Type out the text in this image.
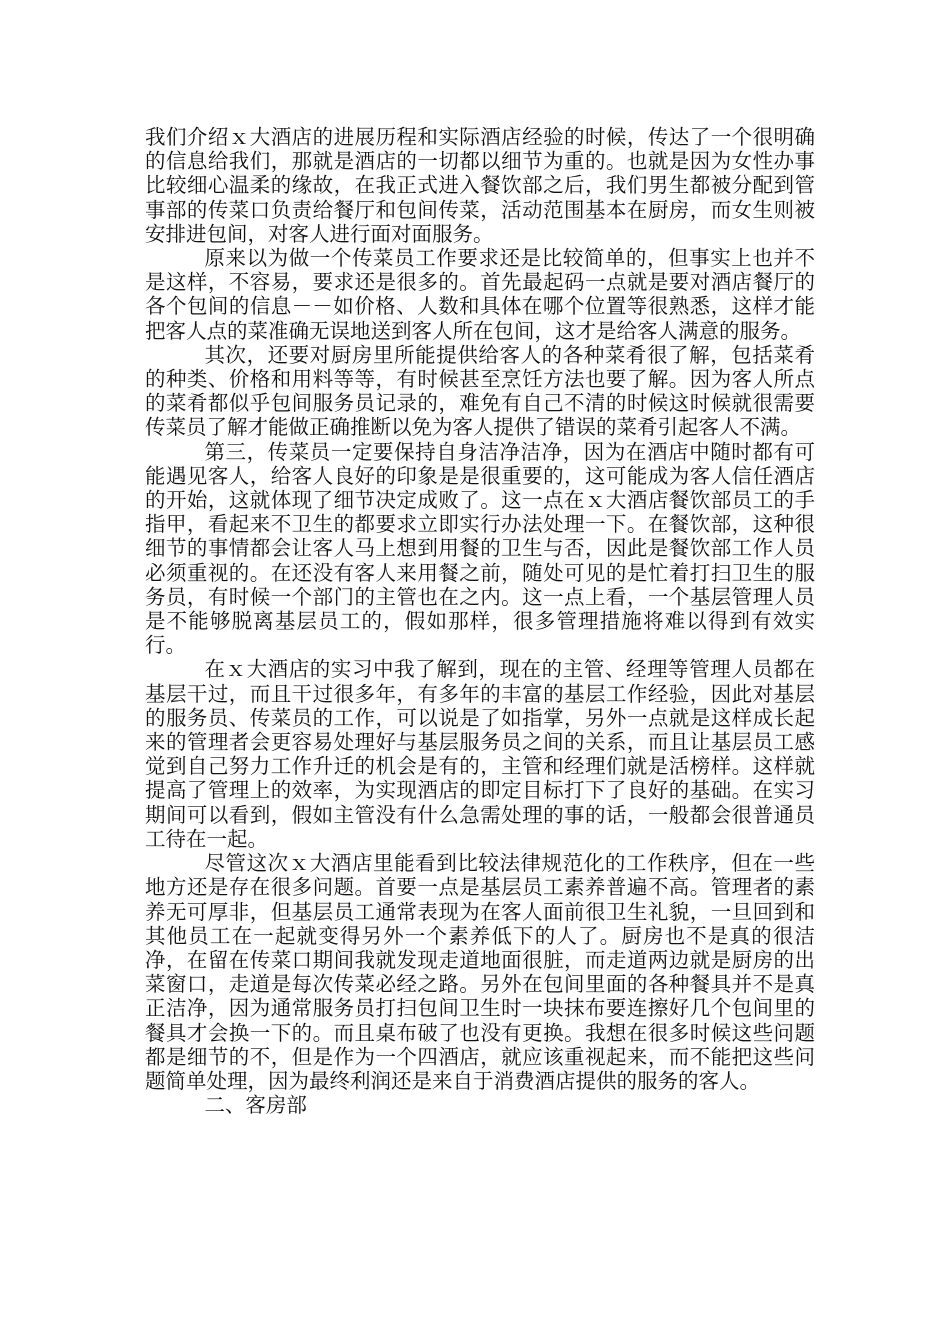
我们介绍ｘ大酒店的进展历程和实际酒店经验的时候，传达了一个很明确的信息给我们，那就是酒店的一切都以细节为重的。也就是因为女性办事比较细心温柔的缘故，在我正式进入餐饮部之后，我们男生都被分配到管事部的传菜口负责给餐厅和包间传菜，活动范围基本在厨房，而女生则被安排进包间，对客人进行面对面服务。

原来以为做一个传菜员工作要求还是比较简单的，但事实上也并不是这样，不容易，要求还是很多的。首先最起码一点就是要对酒店餐厅的各个包间的信息－－如价格、人数和具体在哪个位置等很熟悉，这样才能把客人点的菜准确无误地送到客人所在包间，这才是给客人满意的服务。

其次，还要对厨房里所能提供给客人的各种菜肴很了解，包括菜肴的种类、价格和用料等等，有时候甚至烹饪方法也要了解。因为客人所点的菜肴都似乎包间服务员记录的，难免有自己不清的时候这时候就很需要传菜员了解才能做正确推断以免为客人提供了错误的菜肴引起客人不满。

第三，传菜员一定要保持自身洁净洁净，因为在酒店中随时都有可能遇见客人，给客人良好的印象是是很重要的，这可能成为客人信任酒店的开始，这就体现了细节决定成败了。这一点在ｘ大酒店餐饮部员工的手指甲，看起来不卫生的都要求立即实行办法处理一下。在餐饮部，这种很细节的事情都会让客人马上想到用餐的卫生与否，因此是餐饮部工作人员必须重视的。在还没有客人来用餐之前，随处可见的是忙着打扫卫生的服务员，有时候一个部门的主管也在之内。这一点上看，一个基层管理人员是不能够脱离基层员工的，假如那样，很多管理措施将难以得到有效实行。

在ｘ大酒店的实习中我了解到，现在的主管、经理等管理人员都在基层干过，而且干过很多年，有多年的丰富的基层工作经验，因此对基层的服务员、传菜员的工作，可以说是了如指掌，另外一点就是这样成长起来的管理者会更容易处理好与基层服务员之间的关系，而且让基层员工感觉到自己努力工作升迁的机会是有的，主管和经理们就是活榜样。这样就提高了管理上的效率，为实现酒店的即定目标打下了良好的基础。在实习期间可以看到，假如主管没有什么急需处理的事的话，一般都会很普通员工待在一起。

尽管这次ｘ大酒店里能看到比较法律规范化的工作秩序，但在一些地方还是存在很多问题。首要一点是基层员工素养普遍不高。管理者的素养无可厚非，但基层员工通常表现为在客人面前很卫生礼貌，一旦回到和其他员工在一起就变得另外一个素养低下的人了。厨房也不是真的很洁净，在留在传菜口期间我就发现走道地面很脏，而走道两边就是厨房的出菜窗口，走道是每次传菜必经之路。另外在包间里面的各种餐具并不是真正洁净，因为通常服务员打扫包间卫生时一块抹布要连擦好几个包间里的餐具才会换一下的。而且桌布破了也没有更换。我想在很多时候这些问题都是细节的不，但是作为一个四酒店，就应该重视起来，而不能把这些问题简单处理，因为最终利润还是来自于消费酒店提供的服务的客人。

二、客房部
